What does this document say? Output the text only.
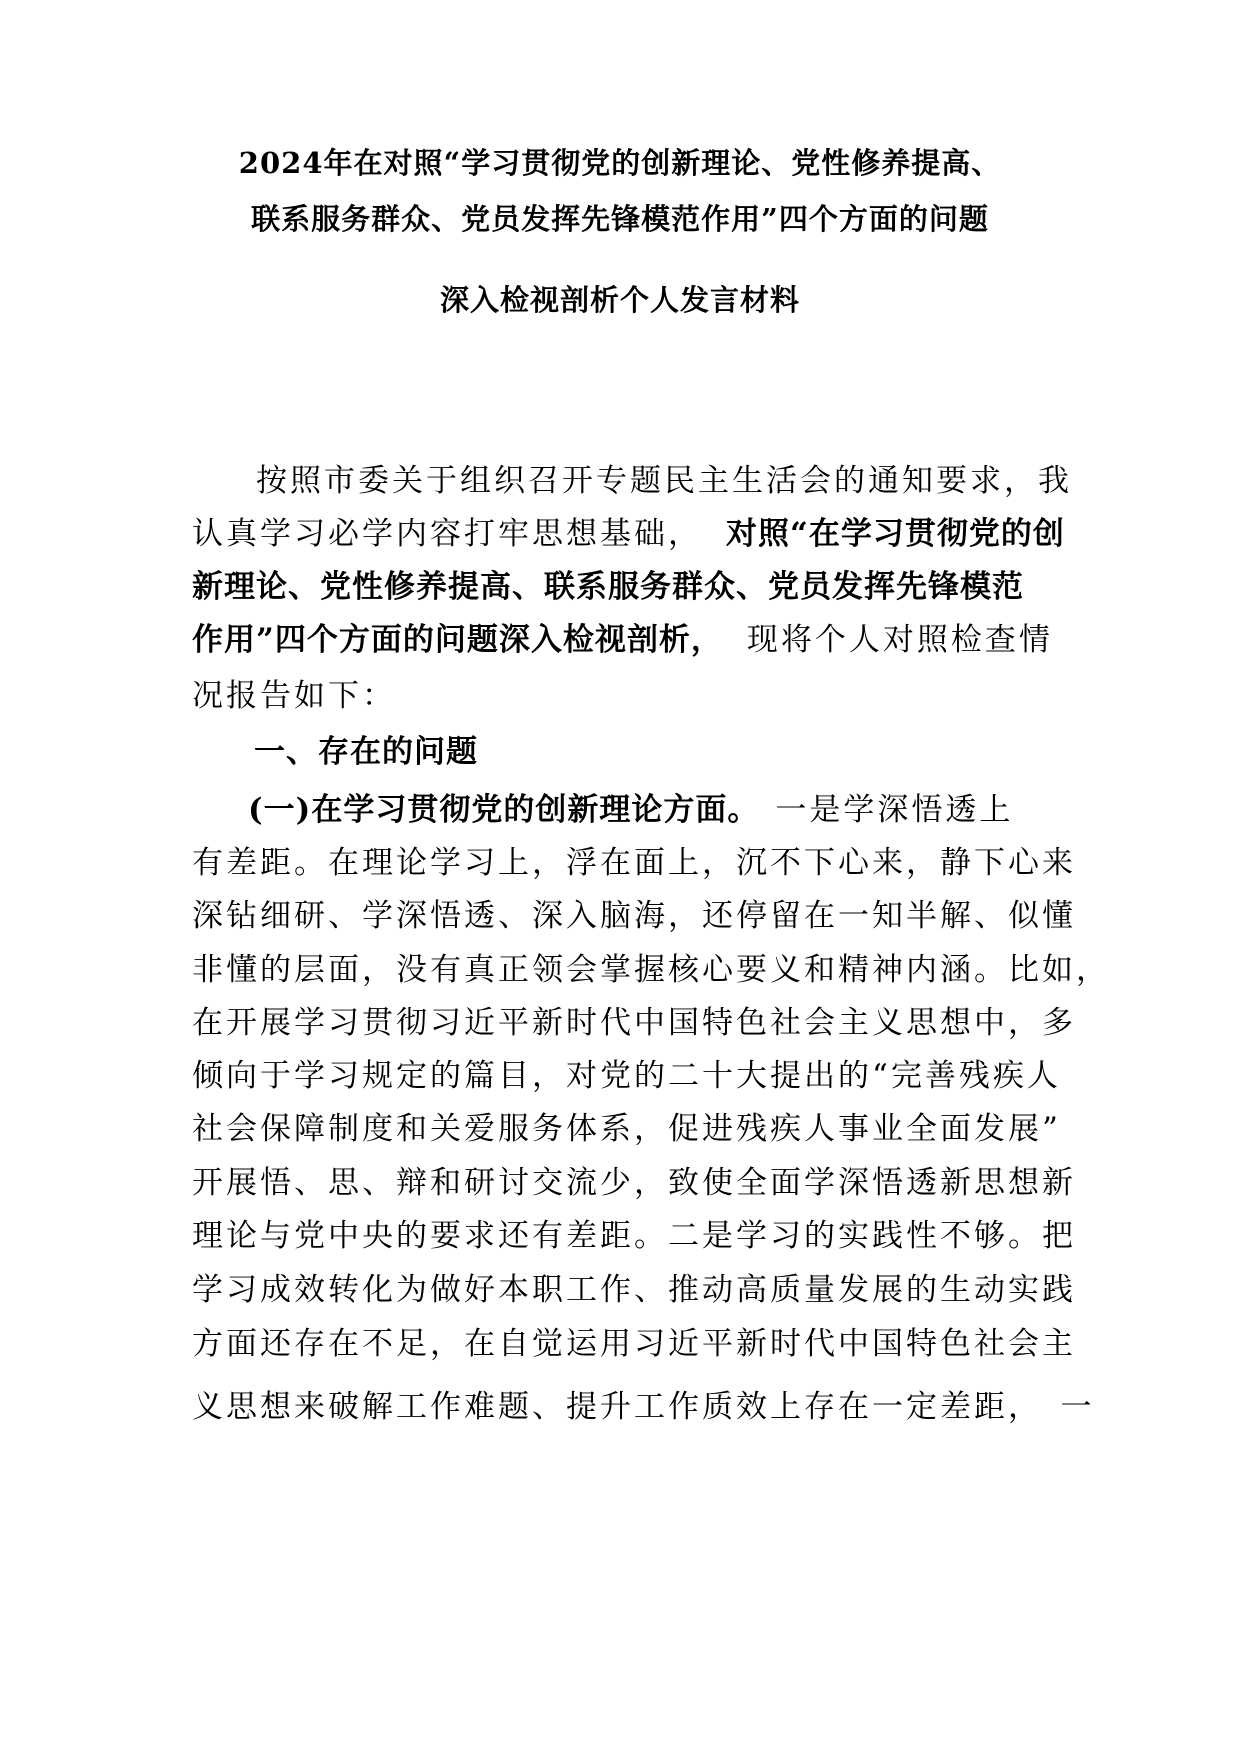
2024年在对照“学习贯彻党的创新理论、党性修养提高、
联系服务群众、党员发挥先锋模范作用”四个方面的问题
深入检视剖析个人发言材料
按照市委关于组织召开专题民主生活会的通知要求，我
认真学习必学内容打牢思想基础， 对照“在学习贯彻党的创
新理论、党性修养提高、联系服务群众、党员发挥先锋模范
作用”四个方面的问题深入检视剖析， 现将个人对照检查情
况报告如下：
一、存在的问题
(一)在学习贯彻党的创新理论方面。 一是学深悟透上
有差距。在理论学习上，浮在面上，沉不下心来，静下心来
深钻细研、学深悟透、深入脑海，还停留在一知半解、似懂
非懂的层面，没有真正领会掌握核心要义和精神内涵。比如，
在开展学习贯彻习近平新时代中国特色社会主义思想中，多
倾向于学习规定的篇目，对党的二十大提出的“完善残疾人
社会保障制度和关爱服务体系，促进残疾人事业全面发展”
开展悟、思、辩和研讨交流少，致使全面学深悟透新思想新
理论与党中央的要求还有差距。二是学习的实践性不够。把
学习成效转化为做好本职工作、推动高质量发展的生动实践
方面还存在不足，在自觉运用习近平新时代中国特色社会主
义思想来破解工作难题、提升工作质效上存在一定差距，　一
